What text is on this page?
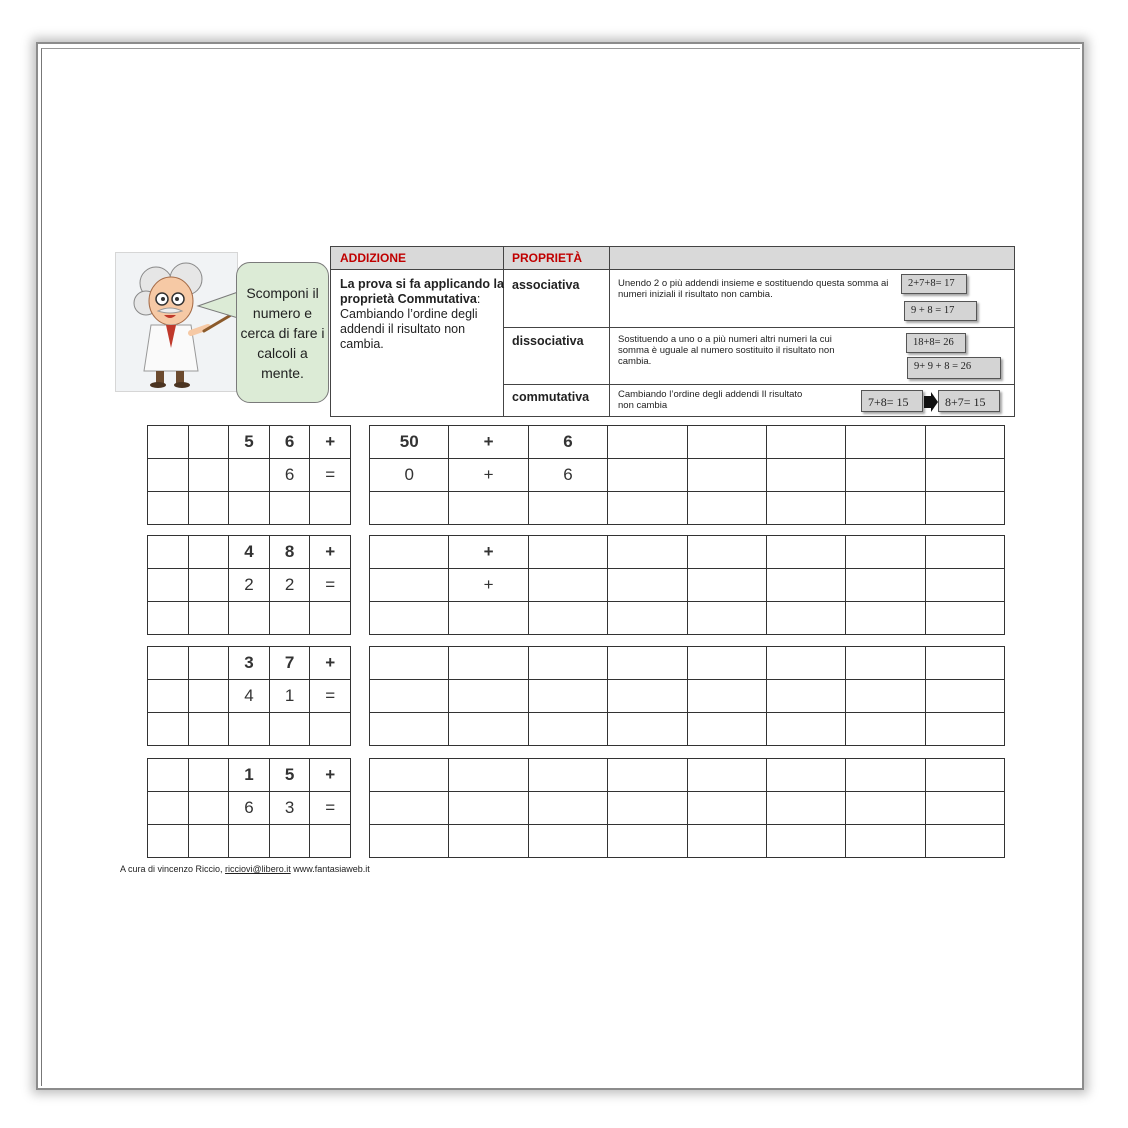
Scomponi il numero e cerca di fare i calcoli a mente.
ADDIZIONE	PROPRIETÀ
La prova si fa applicando la proprietà Commutativa: Cambiando l’ordine degli addendi il risultato non cambia.
associativa	Unendo 2 o più addendi insieme e sostituendo questa somma ai numeri iniziali il risultato non cambia.
2+7+8= 17
9 + 8 = 17
dissociativa	Sostituendo a uno o a più numeri altri numeri la cui somma è uguale al numero sostituito il risultato non cambia.
18+8= 26
9+ 9 + 8 = 26
commutativa	Cambiando l’ordine degli addendi Il risultato non cambia	7+8= 15	8+7= 15
		5	6	+
			6	=

50	+	6					
0	+	6					

		4	8	+
		2	2	=

	+						
	+						

		3	7	+
		4	1	=

		1	5	+
		6	3	=

A cura di vincenzo Riccio, ricciovi@libero.it www.fantasiaweb.it
